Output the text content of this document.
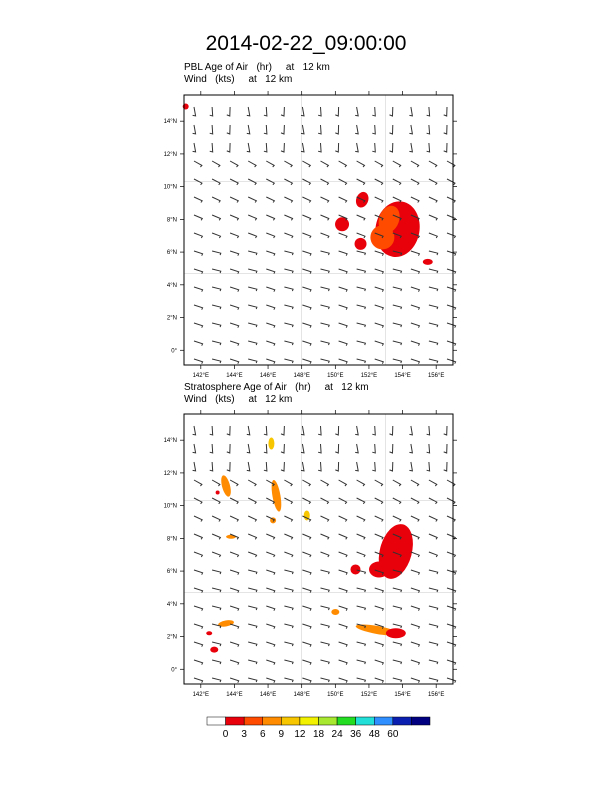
2014-02-22_09:00:00
PBL Age of Air   (hr)     at   12 km
Wind   (kts)     at   12 km
Stratosphere Age of Air   (hr)     at   12 km
Wind   (kts)     at   12 km
142°E	144°E	146°E	148°E	150°E	152°E	154°E	156°E
14°N
12°N
10°N
8°N
6°N
4°N
2°N
0°
142°E	144°E	146°E	148°E	150°E	152°E	154°E	156°E
14°N
12°N
10°N
8°N
6°N
4°N
2°N
0°
0 3 6 9 12 18 24 36 48 60
